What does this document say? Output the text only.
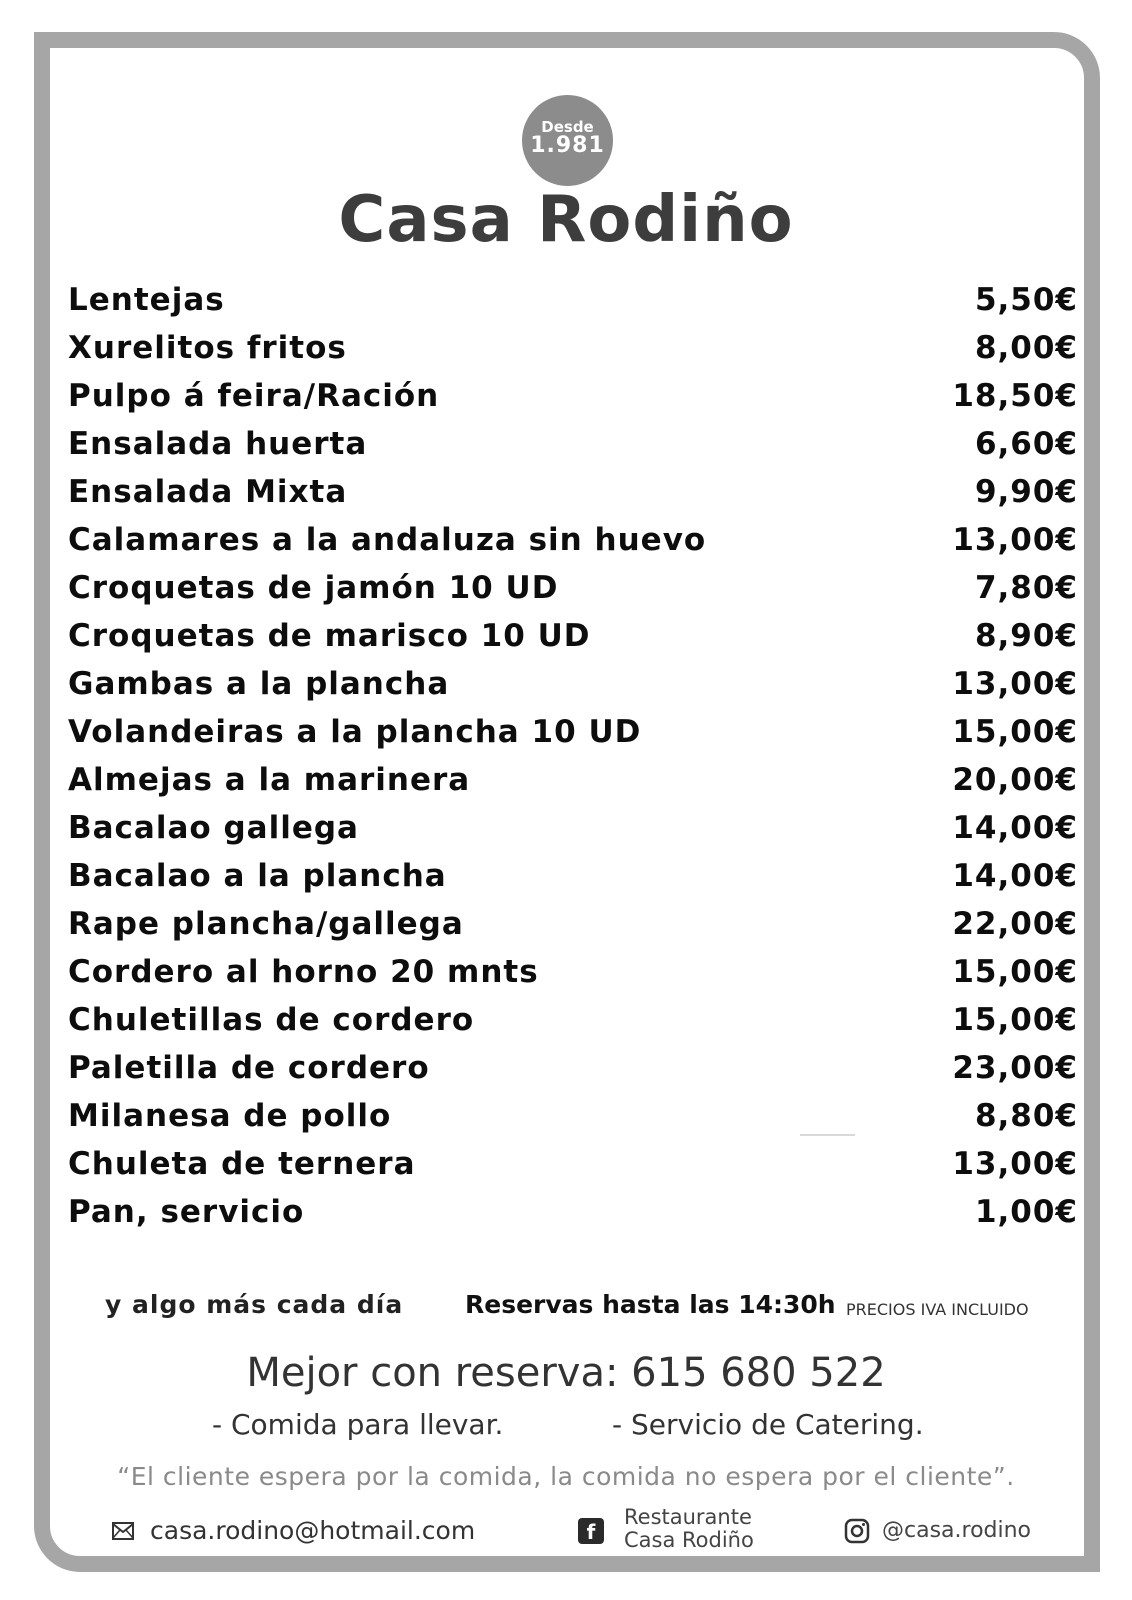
Desde
1.981
Casa Rodiño
Lentejas	5,50€
Xurelitos fritos	8,00€
Pulpo á feira/Ración	18,50€
Ensalada huerta	6,60€
Ensalada Mixta	9,90€
Calamares a la andaluza sin huevo	13,00€
Croquetas de jamón 10 UD	7,80€
Croquetas de marisco 10 UD	8,90€
Gambas a la plancha	13,00€
Volandeiras a la plancha 10 UD	15,00€
Almejas a la marinera	20,00€
Bacalao gallega	14,00€
Bacalao a la plancha	14,00€
Rape plancha/gallega	22,00€
Cordero al horno 20 mnts	15,00€
Chuletillas de cordero	15,00€
Paletilla de cordero	23,00€
Milanesa de pollo	8,80€
Chuleta de ternera	13,00€
Pan, servicio	1,00€
y algo más cada día Reservas hasta las 14:30h PRECIOS IVA INCLUIDO
Mejor con reserva: 615 680 522
- Comida para llevar.	- Servicio de Catering.
“El cliente espera por la comida, la comida no espera por el cliente”.
casa.rodino@hotmail.com	f
Restaurante
Casa Rodiño	@casa.rodino
